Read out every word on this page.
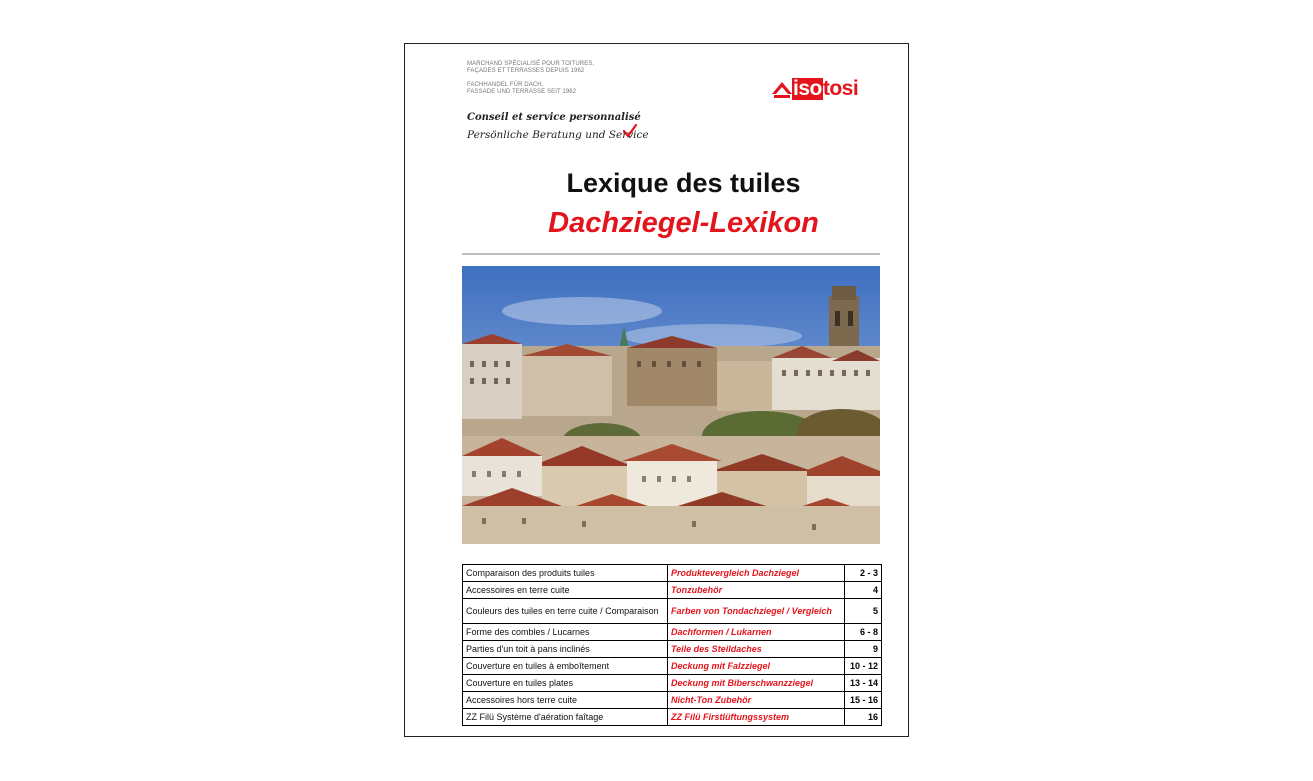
MARCHAND SPÉCIALISÉ POUR TOITURES,
FAÇADES ET TERRASSES DEPUIS 1962
FACHHANDEL FÜR DACH,
FASSADE UND TERRASSE SEIT 1962	iso tosi
Conseil et service personnalisé
Persönliche Beratung und Service
Lexique des tuiles
Dachziegel-Lexikon
Comparaison des produits tuiles	Produktevergleich Dachziegel	2 - 3
Accessoires en terre cuite	Tonzubehör	4
Couleurs des tuiles en terre cuite / Comparaison	Farben von Tondachziegel / Vergleich	5
Forme des combles / Lucarnes	Dachformen / Lukarnen	6 - 8
Parties d'un toit à pans inclinés	Teile des Steildaches	9
Couverture en tuiles à emboîtement	Deckung mit Falzziegel	10 - 12
Couverture en tuiles plates	Deckung mit Biberschwanzziegel	13 - 14
Accessoires hors terre cuite	Nicht-Ton Zubehör	15 - 16
ZZ Filü Système d'aération faîtage	ZZ Filü Firstlüftungssystem	16
